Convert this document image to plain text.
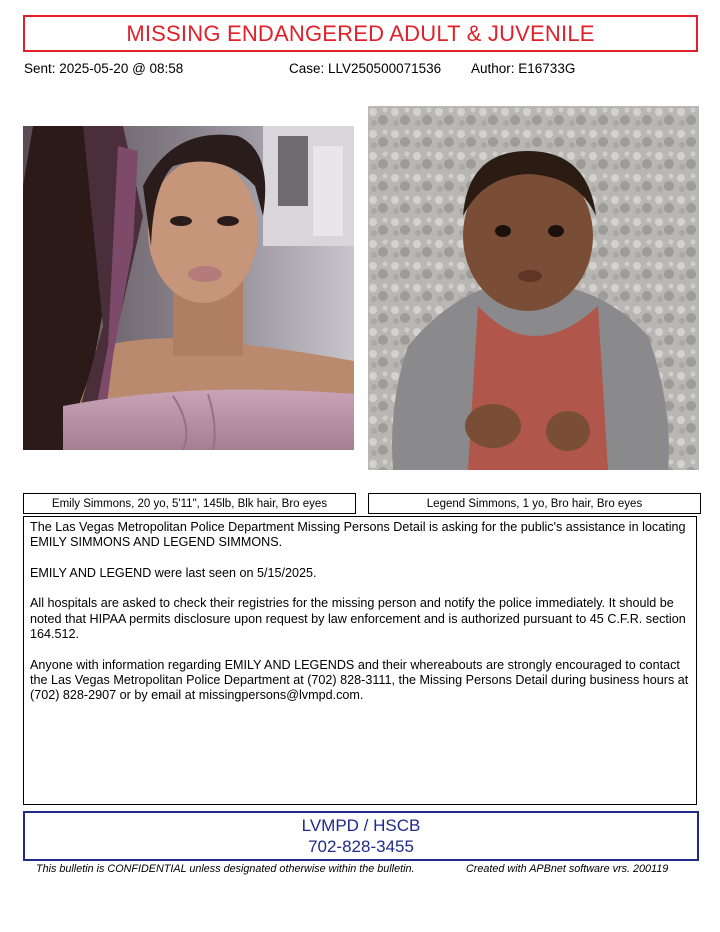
MISSING ENDANGERED ADULT & JUVENILE
Sent: 2025-05-20 @ 08:58	Case: LLV250500071536 Author: E16733G
Emily Simmons, 20 yo, 5'11", 145lb, Blk hair, Bro eyes	Legend Simmons, 1 yo, Bro hair, Bro eyes

The Las Vegas Metropolitan Police Department Missing Persons Detail is asking for the public's assistance in locating EMILY SIMMONS AND LEGEND SIMMONS.

EMILY AND LEGEND were last seen on 5/15/2025.

All hospitals are asked to check their registries for the missing person and notify the police immediately. It should be noted that HIPAA permits disclosure upon request by law enforcement and is authorized pursuant to 45 C.F.R. section 164.512.

Anyone with information regarding EMILY AND LEGENDS and their whereabouts are strongly encouraged to contact the Las Vegas Metropolitan Police Department at (702) 828-3111, the Missing Persons Detail during business hours at (702) 828-2907 or by email at missingpersons@lvmpd.com.

LVMPD / HSCB
702-828-3455
This bulletin is CONFIDENTIAL unless designated otherwise within the bulletin.	Created with APBnet software vrs. 200119
